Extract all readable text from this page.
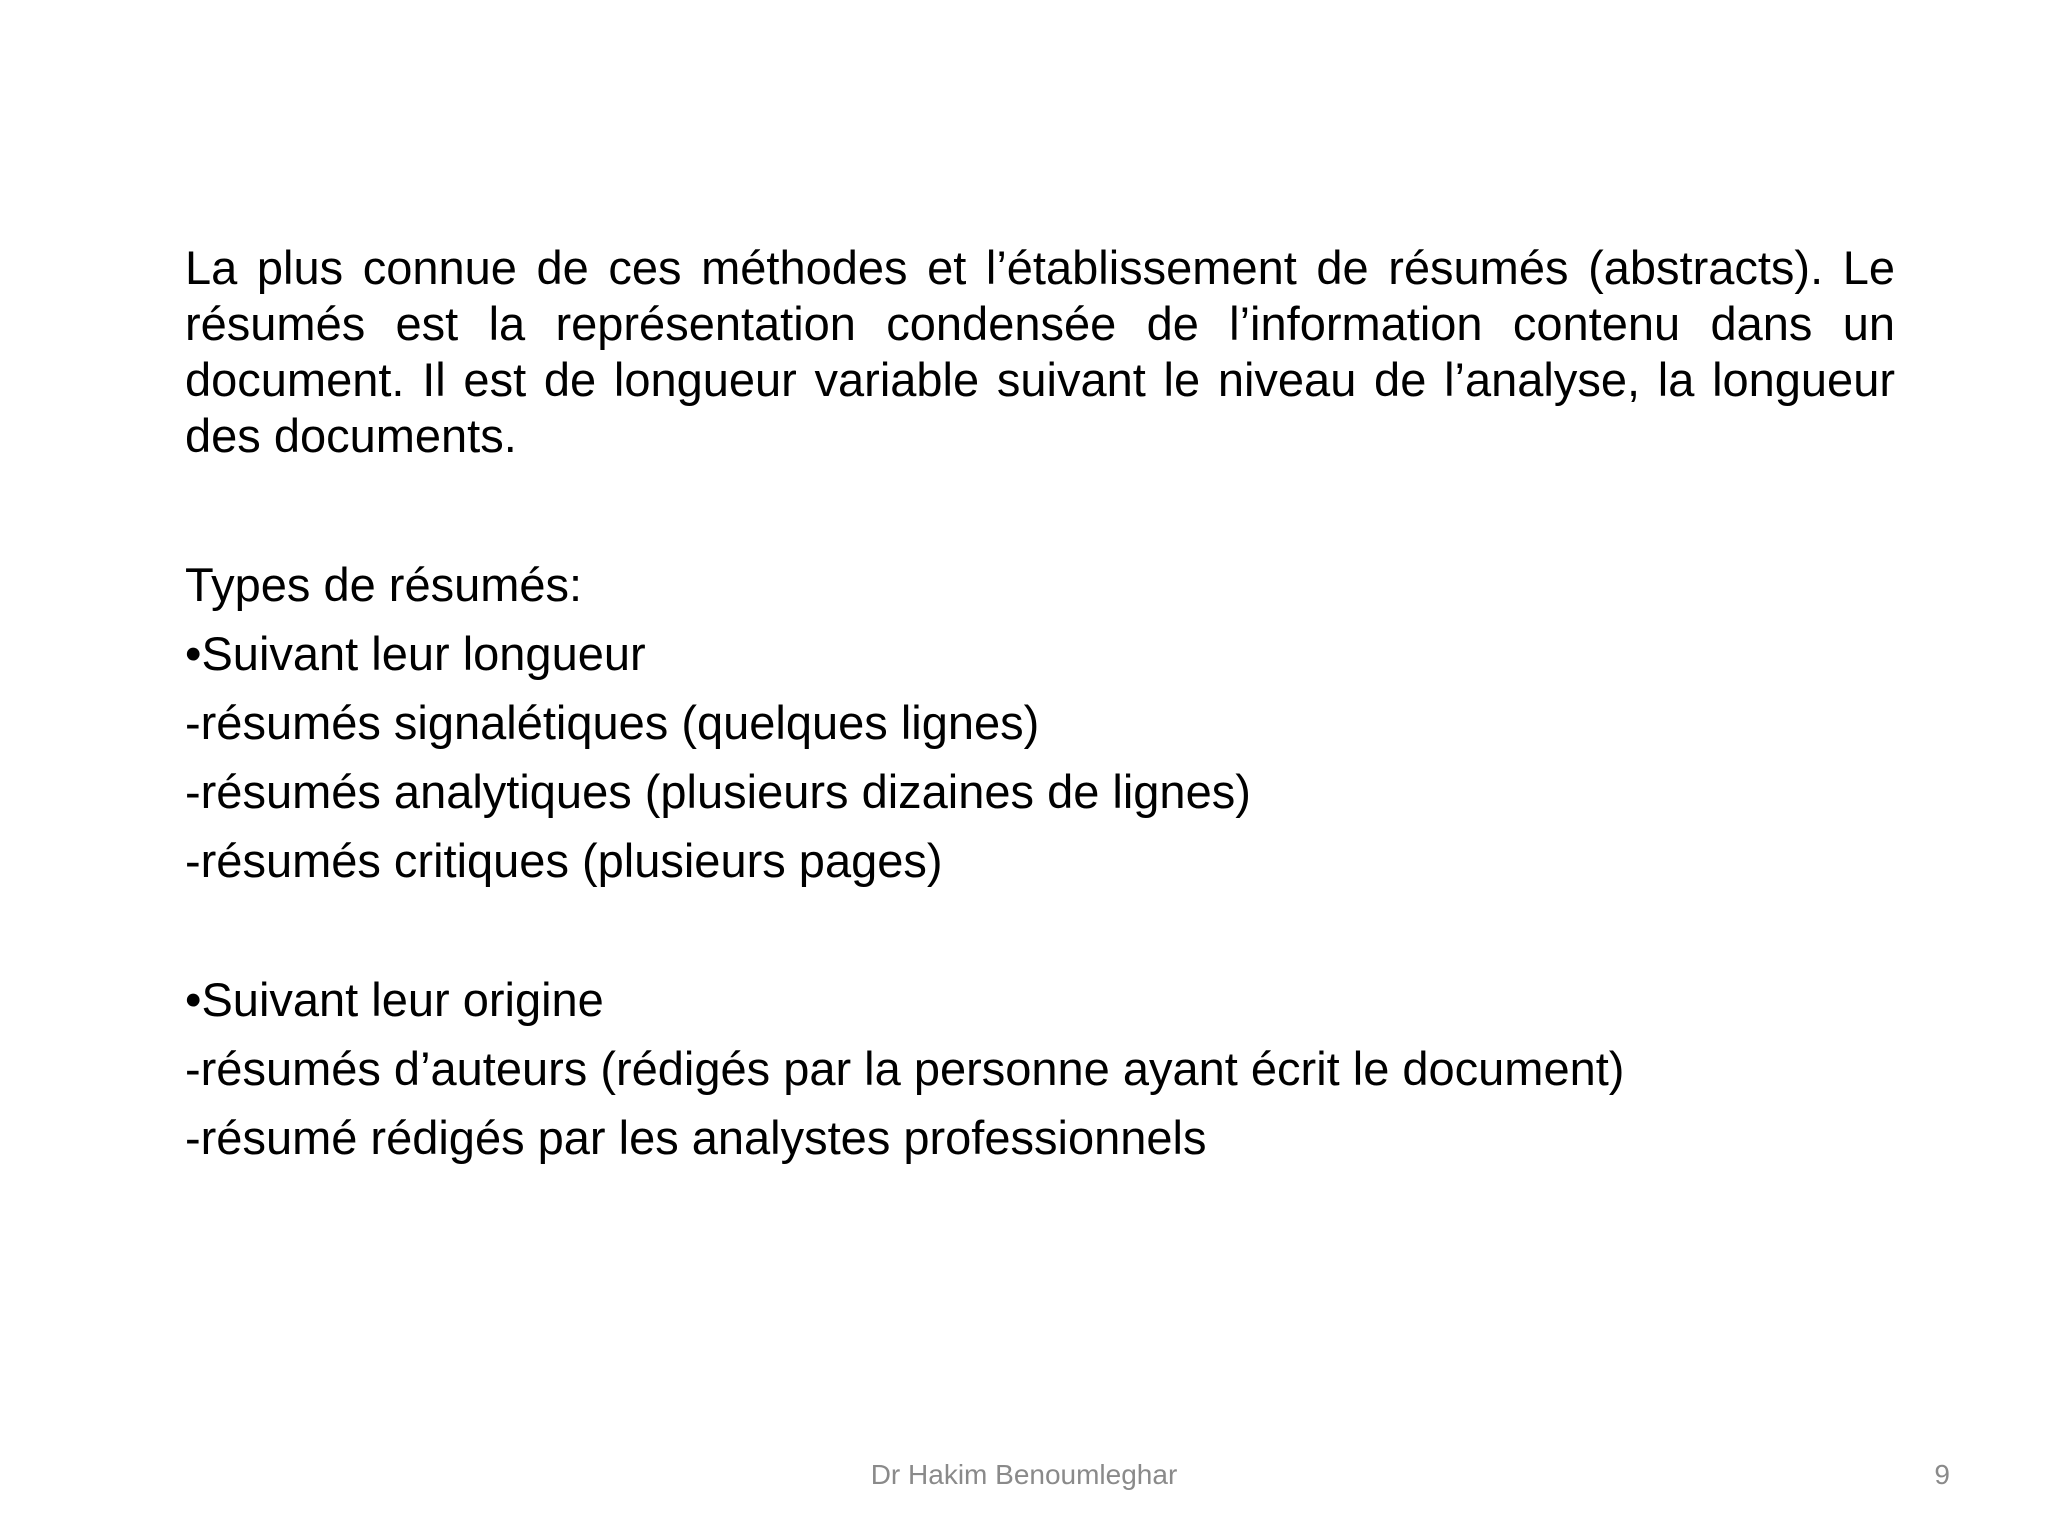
La plus connue de ces méthodes et l’établissement de résumés (abstracts). Le résumés est la représentation condensée de l’information contenu dans un document. Il est de longueur variable suivant le niveau de l’analyse, la longueur des documents.

Types de résumés:

•Suivant leur longueur

-résumés signalétiques (quelques lignes)

-résumés analytiques (plusieurs dizaines de lignes)

-résumés critiques (plusieurs pages)

•Suivant leur origine

-résumés d’auteurs (rédigés par la personne ayant écrit le document)

-résumé rédigés par les analystes professionnels

Dr Hakim Benoumleghar	9
